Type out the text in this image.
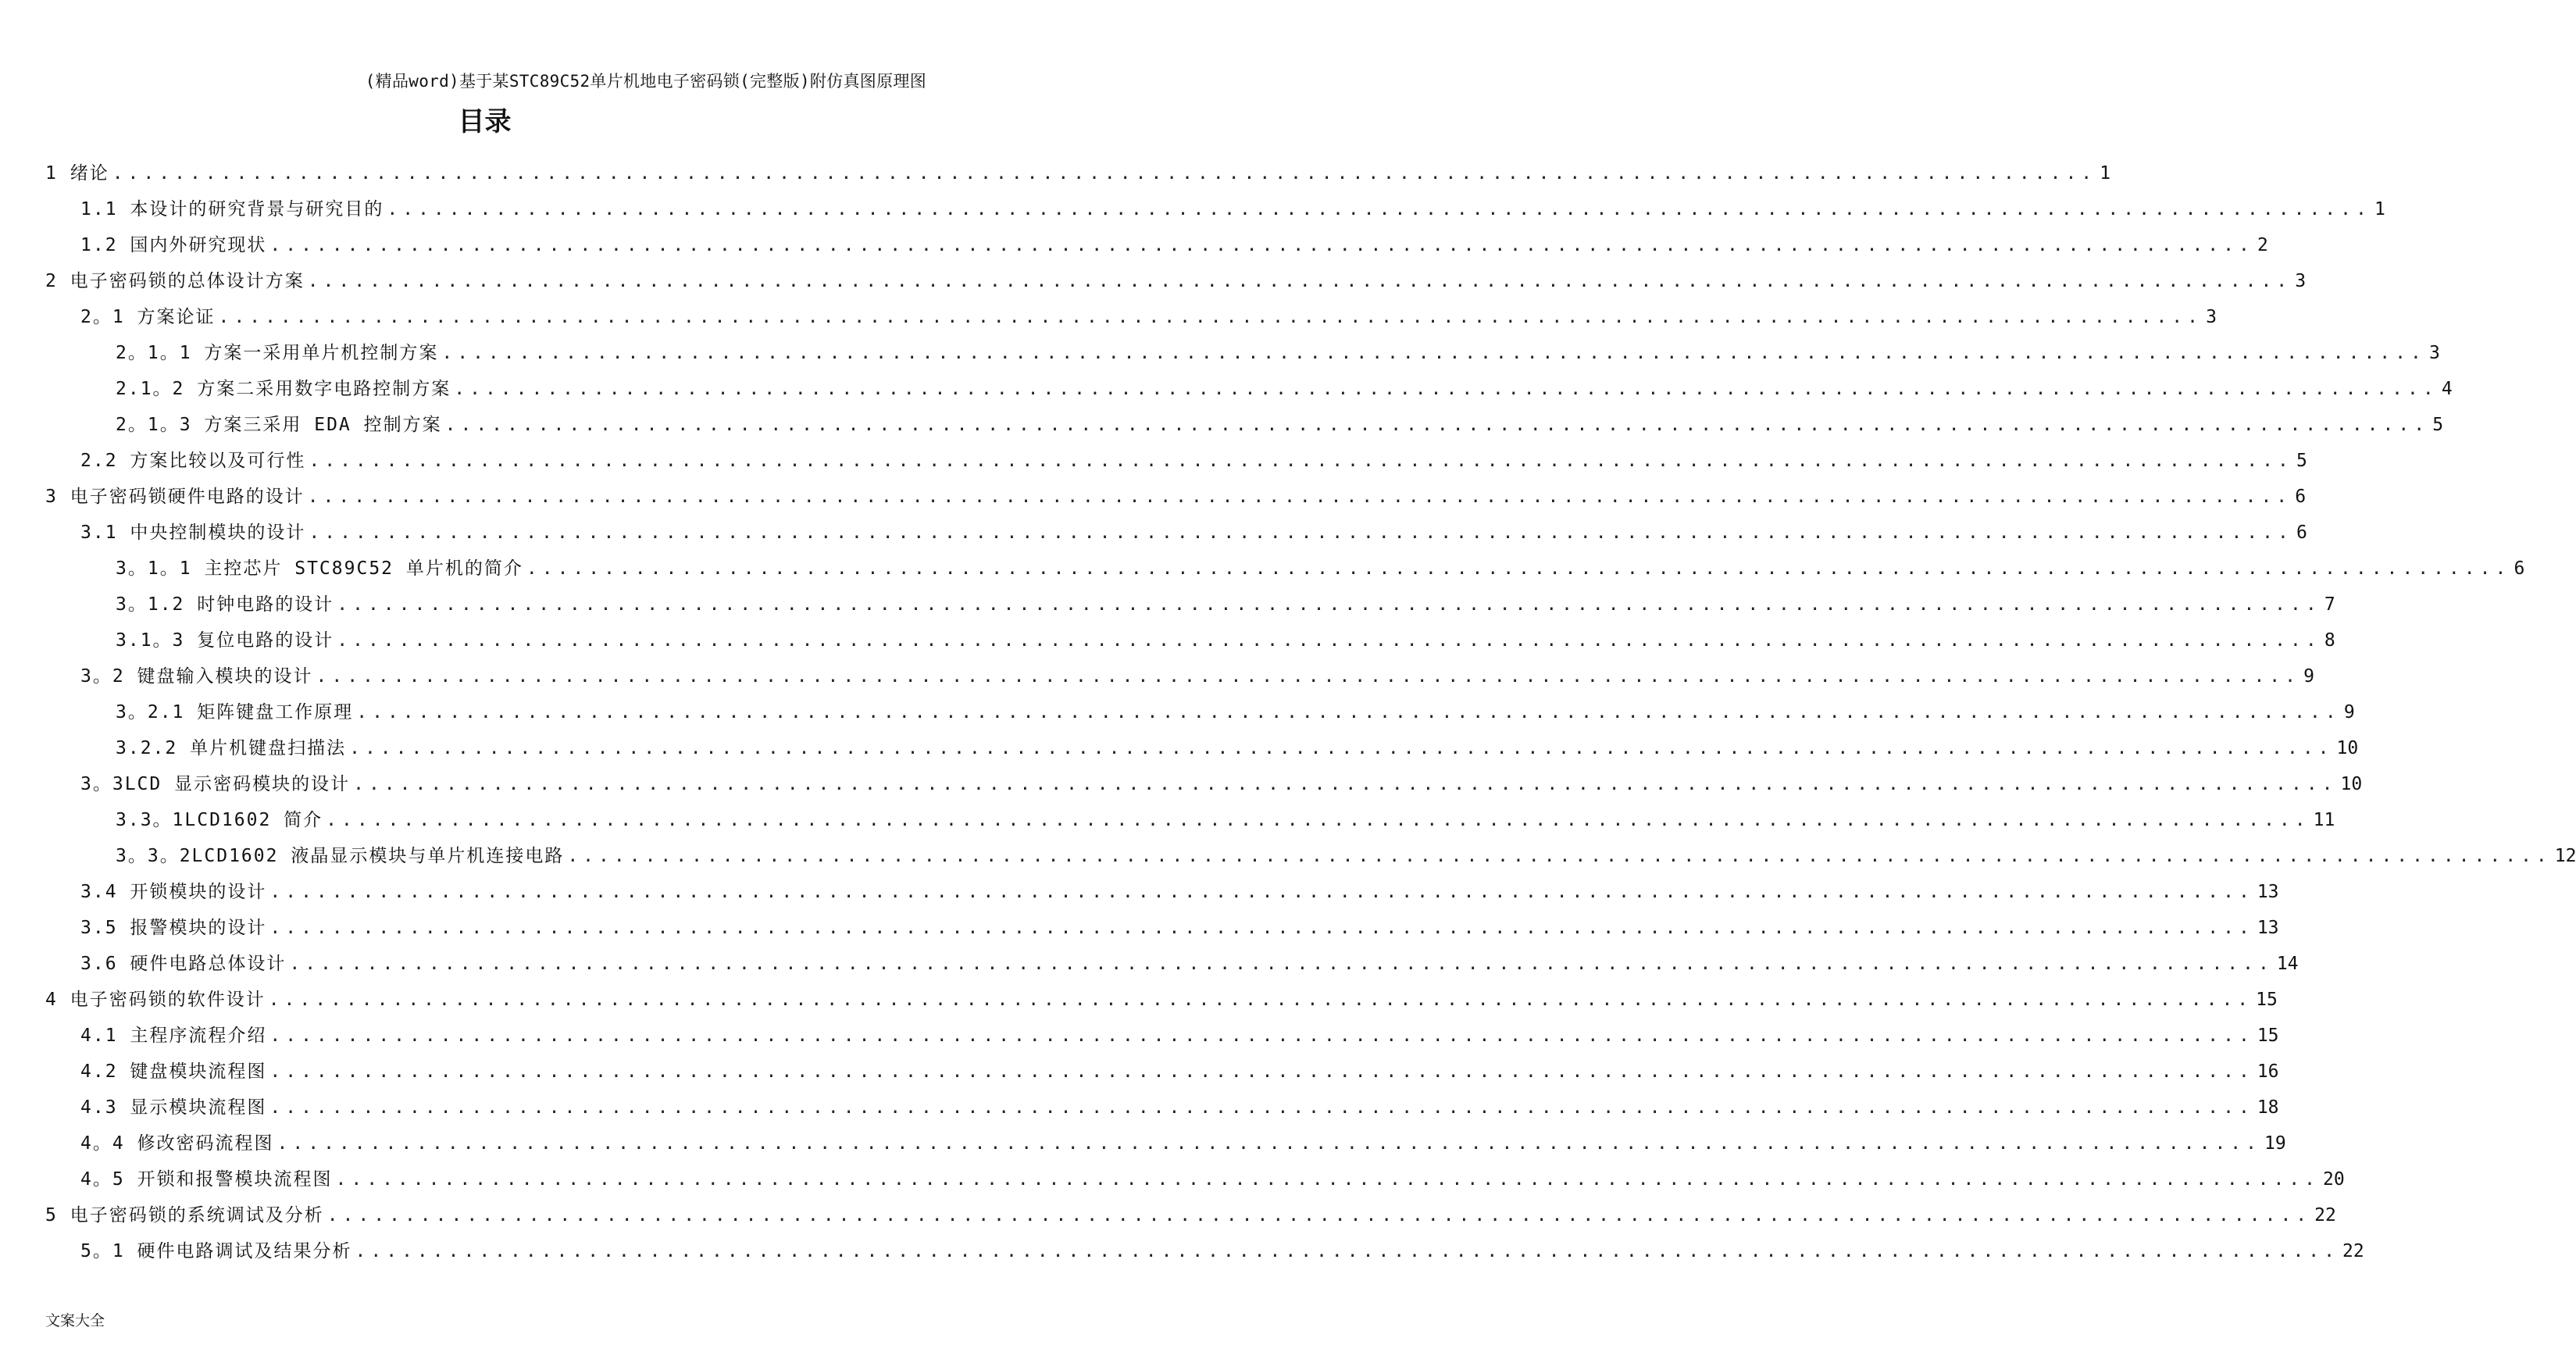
(精品word)基于某STC89C52单片机地电子密码锁(完整版)附仿真图原理图
目录
1 绪论 ................................................................................................................................ 1
1.1 本设计的研究背景与研究目的 ................................................................................................................................ 1
1.2 国内外研究现状 ................................................................................................................................ 2
2 电子密码锁的总体设计方案 ................................................................................................................................ 3
2。1 方案论证 ................................................................................................................................ 3
2。1。1 方案一采用单片机控制方案 ................................................................................................................................ 3
2.1。2 方案二采用数字电路控制方案 ................................................................................................................................ 4
2。1。3 方案三采用 EDA 控制方案 ................................................................................................................................ 5
2.2 方案比较以及可行性 ................................................................................................................................ 5
3 电子密码锁硬件电路的设计 ................................................................................................................................ 6
3.1 中央控制模块的设计 ................................................................................................................................ 6
3。1。1 主控芯片 STC89C52 单片机的简介 ................................................................................................................................ 6
3。1.2 时钟电路的设计 ................................................................................................................................ 7
3.1。3 复位电路的设计 ................................................................................................................................ 8
3。2 键盘输入模块的设计 ................................................................................................................................ 9
3。2.1 矩阵键盘工作原理 ................................................................................................................................ 9
3.2.2 单片机键盘扫描法 ................................................................................................................................ 10
3。3LCD 显示密码模块的设计 ................................................................................................................................ 10
3.3。1LCD1602 简介 ................................................................................................................................ 11
3。3。2LCD1602 液晶显示模块与单片机连接电路 ................................................................................................................................ 12
3.4 开锁模块的设计 ................................................................................................................................ 13
3.5 报警模块的设计 ................................................................................................................................ 13
3.6 硬件电路总体设计 ................................................................................................................................ 14
4 电子密码锁的软件设计 ................................................................................................................................ 15
4.1 主程序流程介绍 ................................................................................................................................ 15
4.2 键盘模块流程图 ................................................................................................................................ 16
4.3 显示模块流程图 ................................................................................................................................ 18
4。4 修改密码流程图 ................................................................................................................................ 19
4。5 开锁和报警模块流程图 ................................................................................................................................ 20
5 电子密码锁的系统调试及分析 ................................................................................................................................ 22
5。1 硬件电路调试及结果分析 ................................................................................................................................ 22
文案大全
